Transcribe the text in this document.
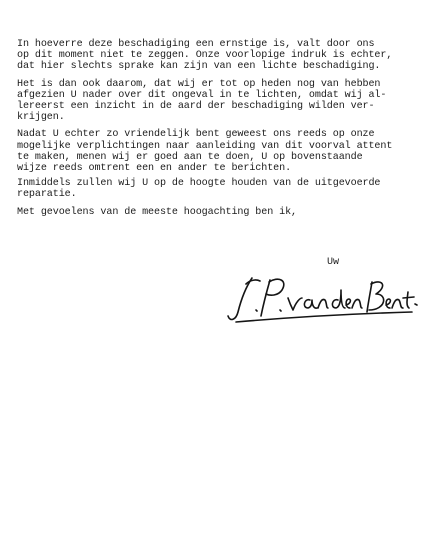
In hoeverre deze beschadiging een ernstige is, valt door ons
op dit moment niet te zeggen. Onze voorlopige indruk is echter,
dat hier slechts sprake kan zijn van een lichte beschadiging.

Het is dan ook daarom, dat wij er tot op heden nog van hebben
afgezien U nader over dit ongeval in te lichten, omdat wij al-
lereerst een inzicht in de aard der beschadiging wilden ver-
krijgen.

Nadat U echter zo vriendelijk bent geweest ons reeds op onze
mogelijke verplichtingen naar aanleiding van dit voorval attent
te maken, menen wij er goed aan te doen, U op bovenstaande
wijze reeds omtrent een en ander te berichten.

Inmiddels zullen wij U op de hoogte houden van de uitgevoerde
reparatie.

Met gevoelens van de meeste hoogachting ben ik,

Uw
